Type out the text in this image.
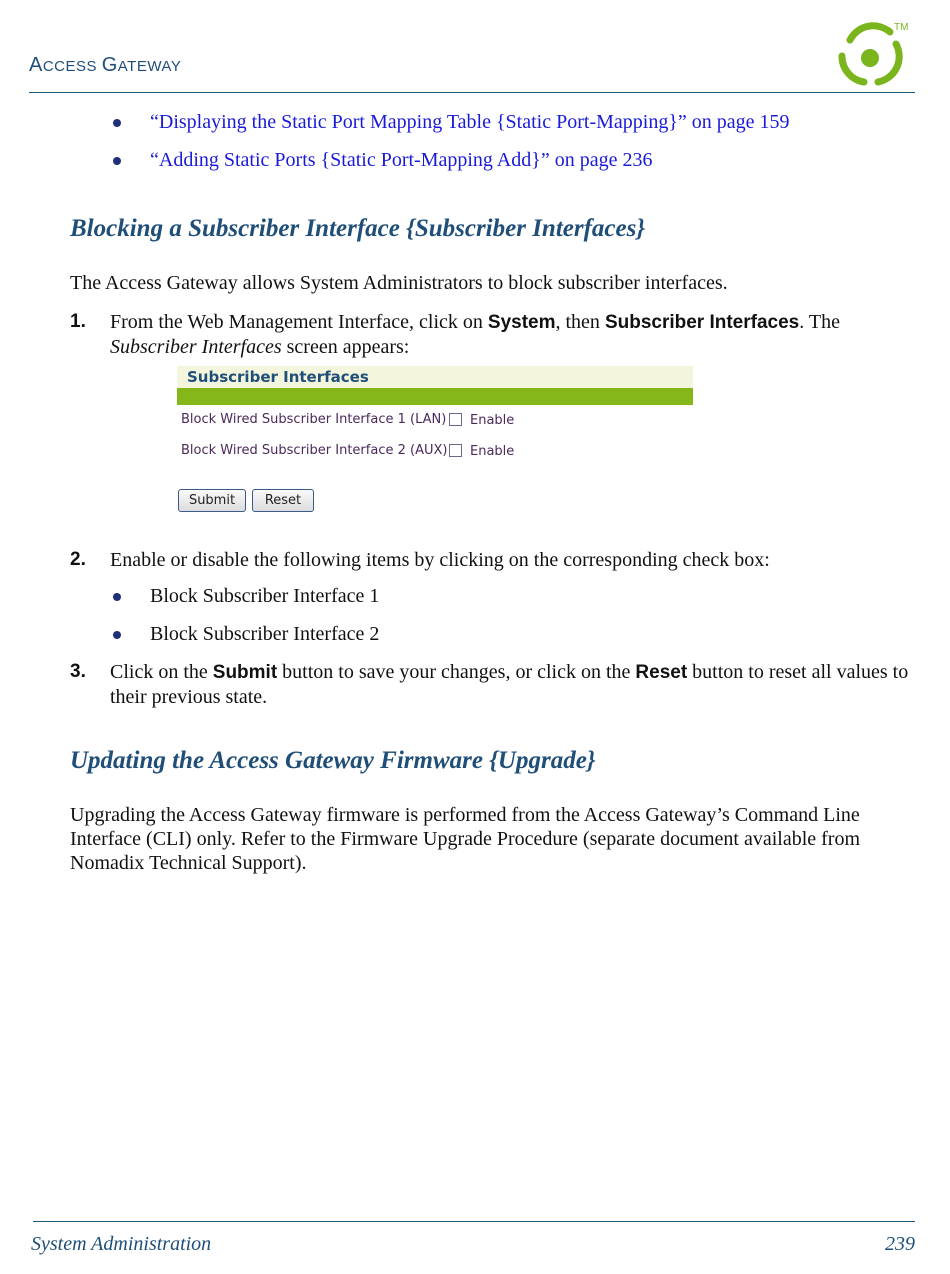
ACCESS GATEWAY
TM
“Displaying the Static Port Mapping Table {Static Port-Mapping}” on page 159
“Adding Static Ports {Static Port-Mapping Add}” on page 236
Blocking a Subscriber Interface {Subscriber Interfaces}
The Access Gateway allows System Administrators to block subscriber interfaces.
1. From the Web Management Interface, click on System, then Subscriber Interfaces. The Subscriber Interfaces screen appears:
Subscriber Interfaces
Block Wired Subscriber Interface 1 (LAN) Enable
Block Wired Subscriber Interface 2 (AUX) Enable
Submit	Reset
2. Enable or disable the following items by clicking on the corresponding check box:
Block Subscriber Interface 1
Block Subscriber Interface 2
3. Click on the Submit button to save your changes, or click on the Reset button to reset all values to their previous state.
Updating the Access Gateway Firmware {Upgrade}
Upgrading the Access Gateway firmware is performed from the Access Gateway’s Command Line Interface (CLI) only. Refer to the Firmware Upgrade Procedure (separate document available from Nomadix Technical Support).
System Administration	239
